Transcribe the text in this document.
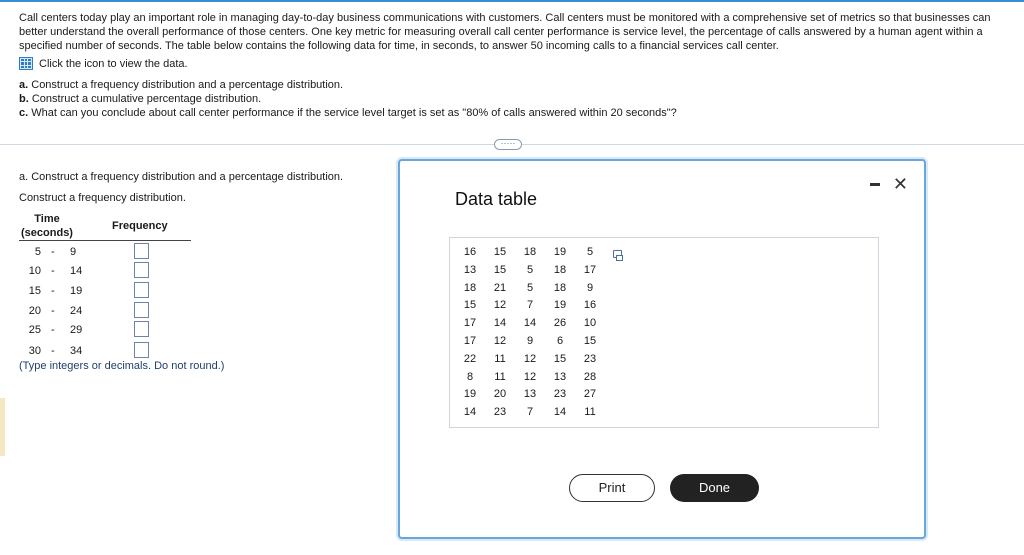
Call centers today play an important role in managing day-to-day business communications with customers. Call centers must be monitored with a comprehensive set of metrics so that businesses can better understand the overall performance of those centers. One key metric for measuring overall call center performance is service level, the percentage of calls answered by a human agent within a specified number of seconds. The table below contains the following data for time, in seconds, to answer 50 incoming calls to a financial services call center.

Click the icon to view the data.
a. Construct a frequency distribution and a percentage distribution.
b. Construct a cumulative percentage distribution.
c. What can you conclude about call center performance if the service level target is set as "80% of calls answered within 20 seconds"?
·····
a. Construct a frequency distribution and a percentage distribution.
Construct a frequency distribution.
Time
(seconds)
Frequency
5 - 9
10 - 14
15 - 19
20 - 24
25 - 29
30 - 34
(Type integers or decimals. Do not round.)
✕
Data table
16	15	18	19	5
13	15	5	18	17
18	21	5	18	9
15	12	7	19	16
17	14	14	26	10
17	12	9	6	15
22	11	12	15	23
8	11	12	13	28
19	20	13	23	27
14	23	7	14	11
Print	Done
